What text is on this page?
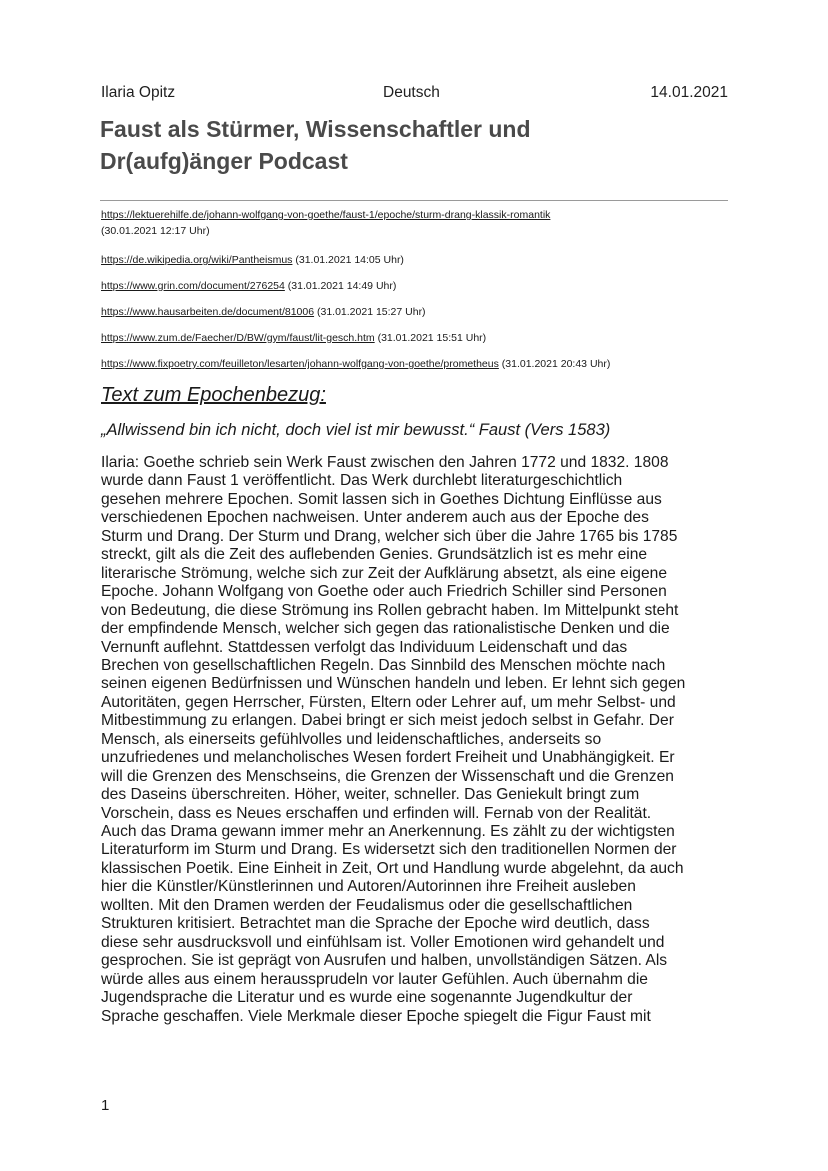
Ilaria Opitz	Deutsch	14.01.2021
Faust als Stürmer, Wissenschaftler und
Dr(aufg)änger Podcast
https://lektuerehilfe.de/johann-wolfgang-von-goethe/faust-1/epoche/sturm-drang-klassik-romantik
(30.01.2021 12:17 Uhr)
https://de.wikipedia.org/wiki/Pantheismus (31.01.2021 14:05 Uhr)
https://www.grin.com/document/276254 (31.01.2021 14:49 Uhr)
https://www.hausarbeiten.de/document/81006 (31.01.2021 15:27 Uhr)
https://www.zum.de/Faecher/D/BW/gym/faust/lit-gesch.htm (31.01.2021 15:51 Uhr)
https://www.fixpoetry.com/feuilleton/lesarten/johann-wolfgang-von-goethe/prometheus (31.01.2021 20:43 Uhr)
Text zum Epochenbezug:

„Allwissend bin ich nicht, doch viel ist mir bewusst.“ Faust (Vers 1583)

Ilaria: Goethe schrieb sein Werk Faust zwischen den Jahren 1772 und 1832. 1808
wurde dann Faust 1 veröffentlicht. Das Werk durchlebt literaturgeschichtlich
gesehen mehrere Epochen. Somit lassen sich in Goethes Dichtung Einflüsse aus
verschiedenen Epochen nachweisen. Unter anderem auch aus der Epoche des
Sturm und Drang. Der Sturm und Drang, welcher sich über die Jahre 1765 bis 1785
streckt, gilt als die Zeit des auflebenden Genies. Grundsätzlich ist es mehr eine
literarische Strömung, welche sich zur Zeit der Aufklärung absetzt, als eine eigene
Epoche. Johann Wolfgang von Goethe oder auch Friedrich Schiller sind Personen
von Bedeutung, die diese Strömung ins Rollen gebracht haben. Im Mittelpunkt steht
der empfindende Mensch, welcher sich gegen das rationalistische Denken und die
Vernunft auflehnt. Stattdessen verfolgt das Individuum Leidenschaft und das
Brechen von gesellschaftlichen Regeln. Das Sinnbild des Menschen möchte nach
seinen eigenen Bedürfnissen und Wünschen handeln und leben. Er lehnt sich gegen
Autoritäten, gegen Herrscher, Fürsten, Eltern oder Lehrer auf, um mehr Selbst- und
Mitbestimmung zu erlangen. Dabei bringt er sich meist jedoch selbst in Gefahr. Der
Mensch, als einerseits gefühlvolles und leidenschaftliches, anderseits so
unzufriedenes und melancholisches Wesen fordert Freiheit und Unabhängigkeit. Er
will die Grenzen des Menschseins, die Grenzen der Wissenschaft und die Grenzen
des Daseins überschreiten. Höher, weiter, schneller. Das Geniekult bringt zum
Vorschein, dass es Neues erschaffen und erfinden will. Fernab von der Realität.
Auch das Drama gewann immer mehr an Anerkennung. Es zählt zu der wichtigsten
Literaturform im Sturm und Drang. Es widersetzt sich den traditionellen Normen der
klassischen Poetik. Eine Einheit in Zeit, Ort und Handlung wurde abgelehnt, da auch
hier die Künstler/Künstlerinnen und Autoren/Autorinnen ihre Freiheit ausleben
wollten. Mit den Dramen werden der Feudalismus oder die gesellschaftlichen
Strukturen kritisiert. Betrachtet man die Sprache der Epoche wird deutlich, dass
diese sehr ausdrucksvoll und einfühlsam ist. Voller Emotionen wird gehandelt und
gesprochen. Sie ist geprägt von Ausrufen und halben, unvollständigen Sätzen. Als
würde alles aus einem heraussprudeln vor lauter Gefühlen. Auch übernahm die
Jugendsprache die Literatur und es wurde eine sogenannte Jugendkultur der
Sprache geschaffen. Viele Merkmale dieser Epoche spiegelt die Figur Faust mit
1
